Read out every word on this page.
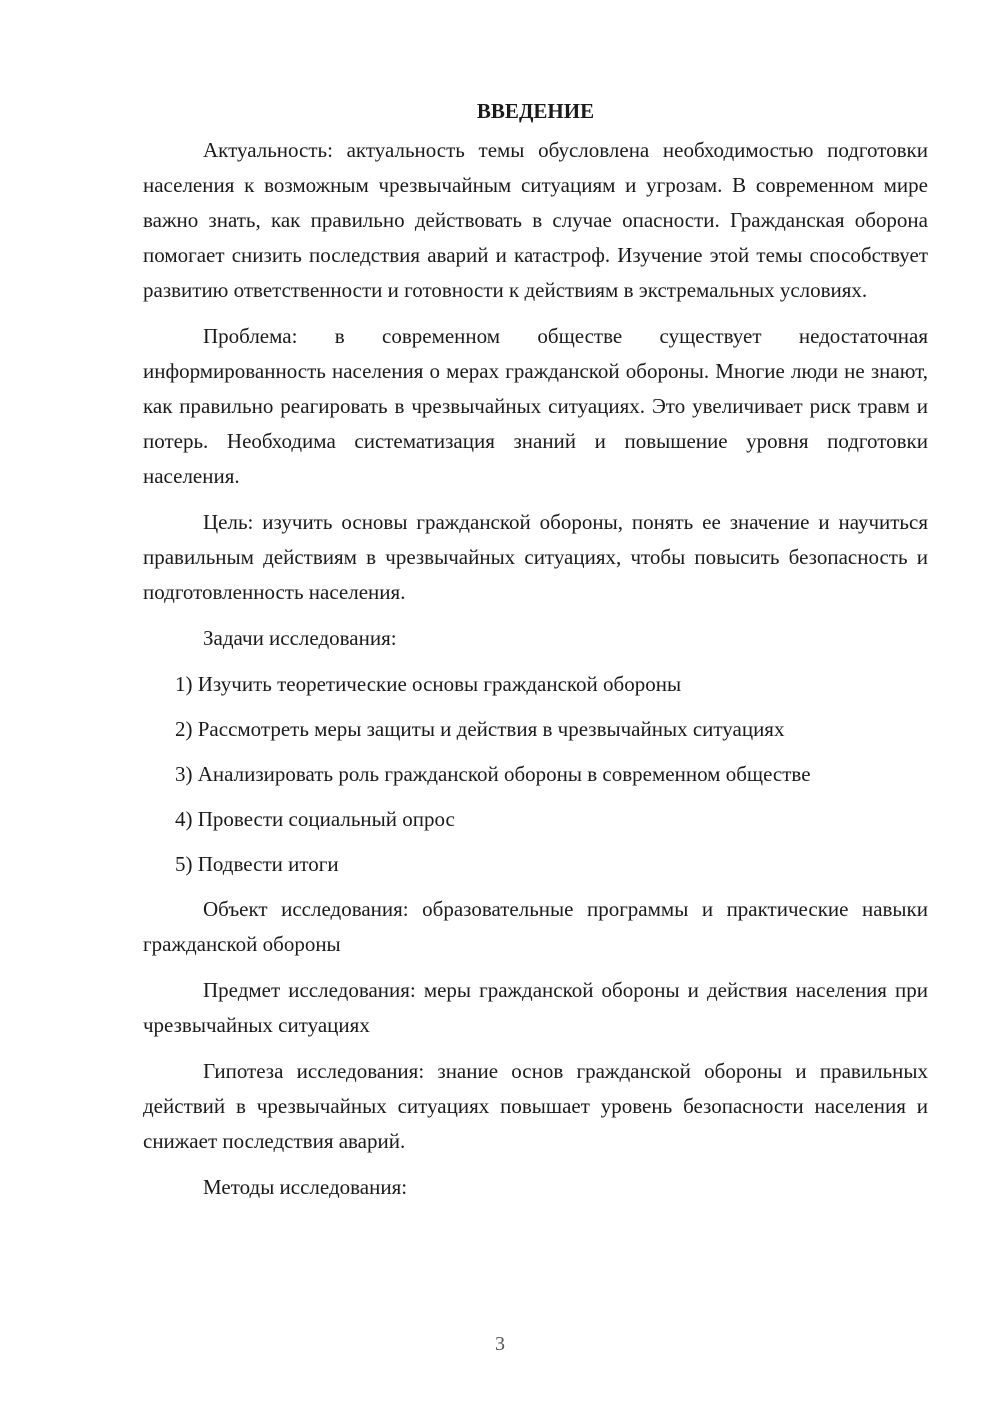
ВВЕДЕНИЕ

Актуальность: актуальность темы обусловлена необходимостью подготовки населения к возможным чрезвычайным ситуациям и угрозам. В современном мире важно знать, как правильно действовать в случае опасности. Гражданская оборона помогает снизить последствия аварий и катастроф. Изучение этой темы способствует развитию ответственности и готовности к действиям в экстремальных условиях.

Проблема: в современном обществе существует недостаточная информированность населения о мерах гражданской обороны. Многие люди не знают, как правильно реагировать в чрезвычайных ситуациях. Это увеличивает риск травм и потерь. Необходима систематизация знаний и повышение уровня подготовки населения.

Цель: изучить основы гражданской обороны, понять ее значение и научиться правильным действиям в чрезвычайных ситуациях, чтобы повысить безопасность и подготовленность населения.

Задачи исследования:

1) Изучить теоретические основы гражданской обороны

2) Рассмотреть меры защиты и действия в чрезвычайных ситуациях

3) Анализировать роль гражданской обороны в современном обществе

4) Провести социальный опрос

5) Подвести итоги

Объект исследования: образовательные программы и практические навыки гражданской обороны

Предмет исследования: меры гражданской обороны и действия населения при чрезвычайных ситуациях

Гипотеза исследования: знание основ гражданской обороны и правильных действий в чрезвычайных ситуациях повышает уровень безопасности населения и снижает последствия аварий.

Методы исследования:

3
